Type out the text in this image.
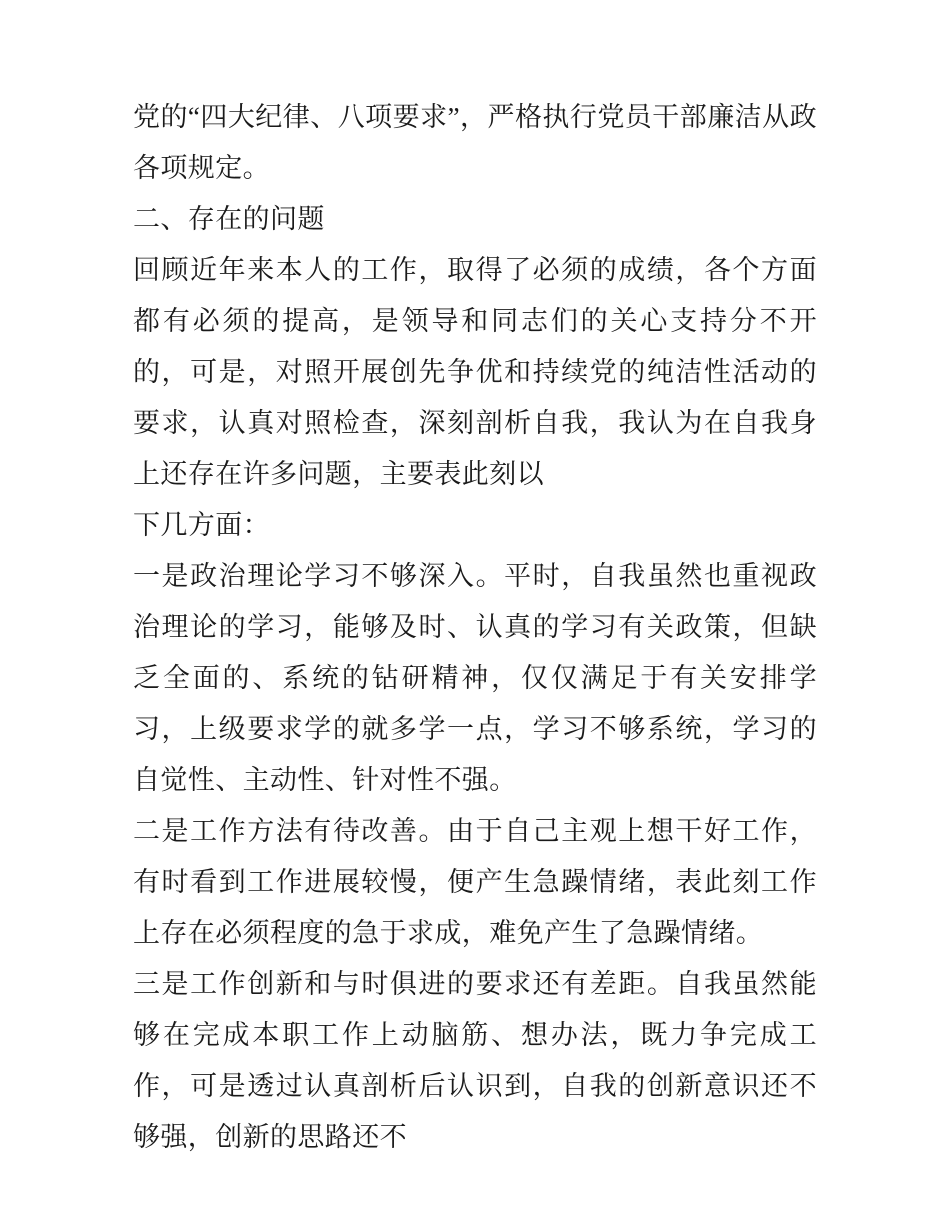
党的“四大纪律、八项要求”，严格执行党员干部廉洁从政各项规定。

二、存在的问题

回顾近年来本人的工作，取得了必须的成绩，各个方面都有必须的提高，是领导和同志们的关心支持分不开的，可是，对照开展创先争优和持续党的纯洁性活动的要求，认真对照检查，深刻剖析自我，我认为在自我身上还存在许多问题，主要表此刻以

下几方面：

一是政治理论学习不够深入。平时，自我虽然也重视政治理论的学习，能够及时、认真的学习有关政策，但缺乏全面的、系统的钻研精神，仅仅满足于有关安排学习，上级要求学的就多学一点，学习不够系统，学习的自觉性、主动性、针对性不强。

二是工作方法有待改善。由于自己主观上想干好工作，有时看到工作进展较慢，便产生急躁情绪，表此刻工作上存在必须程度的急于求成，难免产生了急躁情绪。

三是工作创新和与时俱进的要求还有差距。自我虽然能够在完成本职工作上动脑筋、想办法，既力争完成工作，可是透过认真剖析后认识到，自我的创新意识还不够强，创新的思路还不
